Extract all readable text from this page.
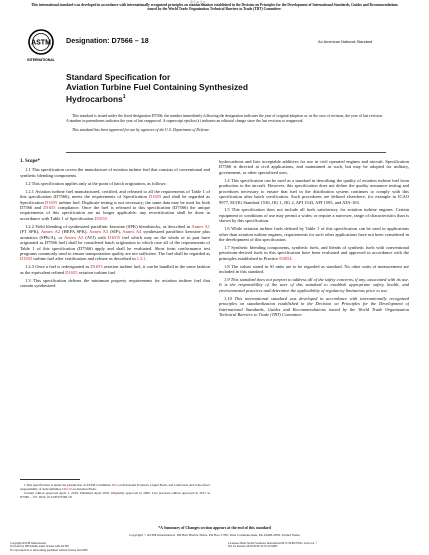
命令 & 注文
This international standard was developed in accordance with internationally recognized principles on standardization established in the Decision on Principles for the Development of International Standards, Guides and Recommendations issued by the World Trade Organization Technical Barriers to Trade (TBT) Committee.
ASTM
INTERNATIONAL
Designation: D7566 – 18	An American National Standard
Standard Specification for
Aviation Turbine Fuel Containing Synthesized
Hydrocarbons$^1$
This standard is issued under the fixed designation D7566; the number immediately following the designation indicates the year of original adoption or, in the case of revision, the year of last revision. A number in parentheses indicates the year of last reapproval. A superscript epsilon (ε) indicates an editorial change since the last revision or reapproval.
This standard has been approved for use by agencies of the U.S. Department of Defense.
1. Scope*

1.1 This specification covers the manufacture of aviation turbine fuel that consists of conventional and synthetic blending components.

1.2 This specification applies only at the point of batch origination, as follows:

1.2.1 Aviation turbine fuel manufactured, certified, and released to all the requirements of Table 1 of this specification (D7566), meets the requirements of Specification D1655 and shall be regarded as Specification D1655 turbine fuel. Duplicate testing is not necessary; the same data may be used for both D7566 and D1655 compliance. Once the fuel is released to this specification (D7566) the unique requirements of this specification are no longer applicable: any recertification shall be done in accordance with Table 1 of Specification D1655.

1.2.2 Field blending of synthesized paraffinic kerosine (SPK) blendstocks, as described in Annex A1 (FT SPK), Annex A2 (HEFA SPK), Annex A3 (SIP), Annex A4 synthesized paraffinic kerosine plus aromatics (SPK/A), or Annex A5 (ATJ) with D1655 fuel which may on the whole or in part have originated as D7566 fuel) shall be considered batch origination in which case all of the requirements of Table 1 of this specification (D7566) apply and shall be evaluated. Short form conformance test programs commonly used to ensure transportation quality are not sufficient. The fuel shall be regarded as D1655 turbine fuel after certification and release as described in 1.2.1.

1.2.3 Once a fuel is redesignated as D1655 aviation turbine fuel, it can be handled in the same fashion as the equivalent refined D1655 aviation turbine fuel.

1.3 This specification defines the minimum property requirements for aviation turbine fuel that contain synthesized

hydrocarbons and lists acceptable additives for use in civil operated engines and aircraft. Specification D7566 is directed at civil applications, and maintained as such, but may be adopted for military, government, or other specialized uses.

1.4 This specification can be used as a standard in describing the quality of aviation turbine fuel from production to the aircraft. However, this specification does not define the quality assurance testing and procedures necessary to ensure that fuel in the distribution system continues to comply with this specification after batch certification. Such procedures are defined elsewhere, for example in ICAO 9977, EI/JIG Standard 1530, JIG 1, JIG 2, API 1543, API 1595, and ATA-103.

1.5 This specification does not include all fuels satisfactory for aviation turbine engines. Certain equipment or conditions of use may permit a wider, or require a narrower, range of characteristics than is shown by this specification.

1.6 While aviation turbine fuels defined by Table 1 of this specification can be used in applications other than aviation turbine engines, requirements for such other applications have not been considered in the development of this specification.

1.7 Synthetic blending components, synthetic fuels, and blends of synthetic fuels with conventional petroleum-derived fuels in this specification have been evaluated and approved in accordance with the principles established in Practice D4054.

1.8 The values stated in SI units are to be regarded as standard. No other units of measurement are included in this standard.

1.9 This standard does not purport to address all of the safety concerns, if any, associated with its use. It is the responsibility of the user of this standard to establish appropriate safety, health, and environmental practices and determine the applicability of regulatory limitations prior to use.

1.10 This international standard was developed in accordance with internationally recognized principles on standardization established in the Decision on Principles for the Development of International Standards, Guides and Recommendations issued by the World Trade Organization Technical Barriers to Trade (TBT) Committee.

1 This specification is under the jurisdiction of ASTM Committee D02 on Petroleum Products, Liquid Fuels, and Lubricants and is the direct responsibility of Subcommittee D02.J0 on Aviation Fuels.

Current edition approved April 1, 2018. Published April 2018. Originally approved in 2009. Last previous edition approved in 2017 as D7566 – 17b. DOI: 10.1520/D7566-18

*A Summary of Changes section appears at the end of this standard
Copyright © ASTM International, 100 Barr Harbor Drive, PO Box C700, West Conshohocken, PA 19428-2959. United States
Copyright ASTM International
Provided by IHS Markit under license with ASTM
No reproduction or networking permitted without license from IHS
Licensee=Shell Global Solutions International B.V./5936017001, User=xx, ?
Not for Resale, 06/02/2018 10:55:16 MDT
